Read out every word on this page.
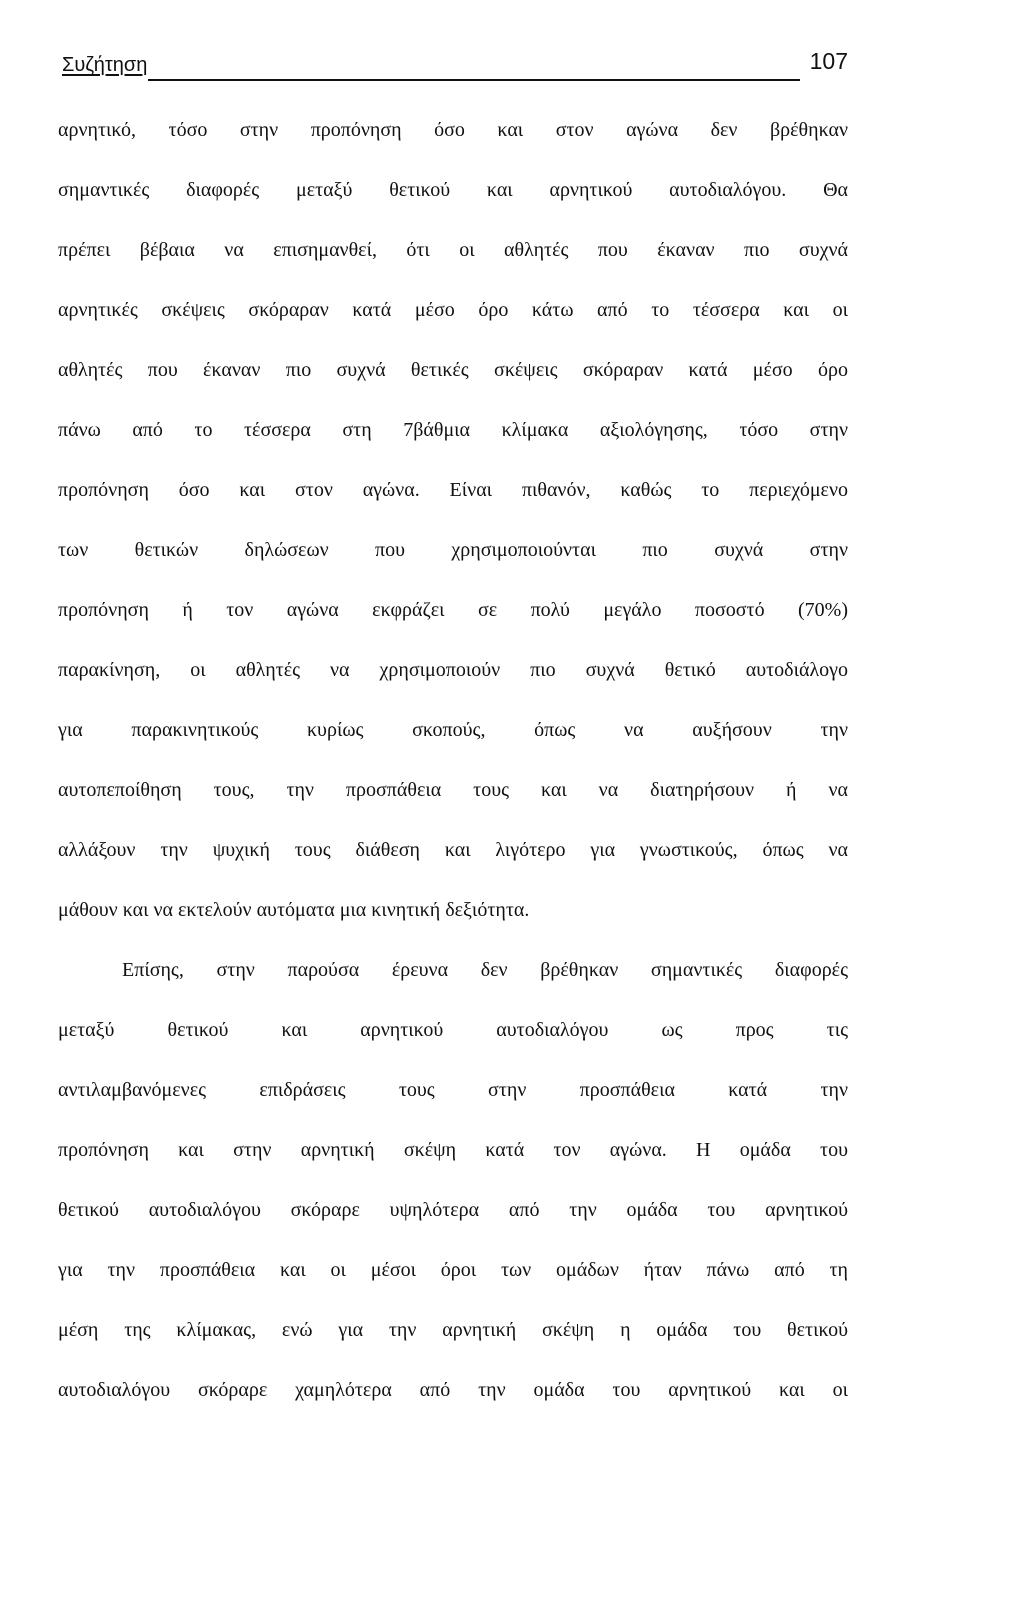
Συζήτηση	107
αρνητικό, τόσο στην προπόνηση όσο και στον αγώνα δεν βρέθηκαν
σημαντικές διαφορές μεταξύ θετικού και αρνητικού αυτοδιαλόγου. Θα
πρέπει βέβαια να επισημανθεί, ότι οι αθλητές που έκαναν πιο συχνά
αρνητικές σκέψεις σκόραραν κατά μέσο όρο κάτω από το τέσσερα και οι
αθλητές που έκαναν πιο συχνά θετικές σκέψεις σκόραραν κατά μέσο όρο
πάνω από το τέσσερα στη 7βάθμια κλίμακα αξιολόγησης, τόσο στην
προπόνηση όσο και στον αγώνα. Είναι πιθανόν, καθώς το περιεχόμενο
των θετικών δηλώσεων που χρησιμοποιούνται πιο συχνά στην
προπόνηση ή τον αγώνα εκφράζει σε πολύ μεγάλο ποσοστό (70%)
παρακίνηση, οι αθλητές να χρησιμοποιούν πιο συχνά θετικό αυτοδιάλογο
για παρακινητικούς κυρίως σκοπούς, όπως να αυξήσουν την
αυτοπεποίθηση τους, την προσπάθεια τους και να διατηρήσουν ή να
αλλάξουν την ψυχική τους διάθεση και λιγότερο για γνωστικούς, όπως να
μάθουν και να εκτελούν αυτόματα μια κινητική δεξιότητα.
Επίσης, στην παρούσα έρευνα δεν βρέθηκαν σημαντικές διαφορές
μεταξύ θετικού και αρνητικού αυτοδιαλόγου ως προς τις
αντιλαμβανόμενες επιδράσεις τους στην προσπάθεια κατά την
προπόνηση και στην αρνητική σκέψη κατά τον αγώνα. Η ομάδα του
θετικού αυτοδιαλόγου σκόραρε υψηλότερα από την ομάδα του αρνητικού
για την προσπάθεια και οι μέσοι όροι των ομάδων ήταν πάνω από τη
μέση της κλίμακας, ενώ για την αρνητική σκέψη η ομάδα του θετικού
αυτοδιαλόγου σκόραρε χαμηλότερα από την ομάδα του αρνητικού και οι
